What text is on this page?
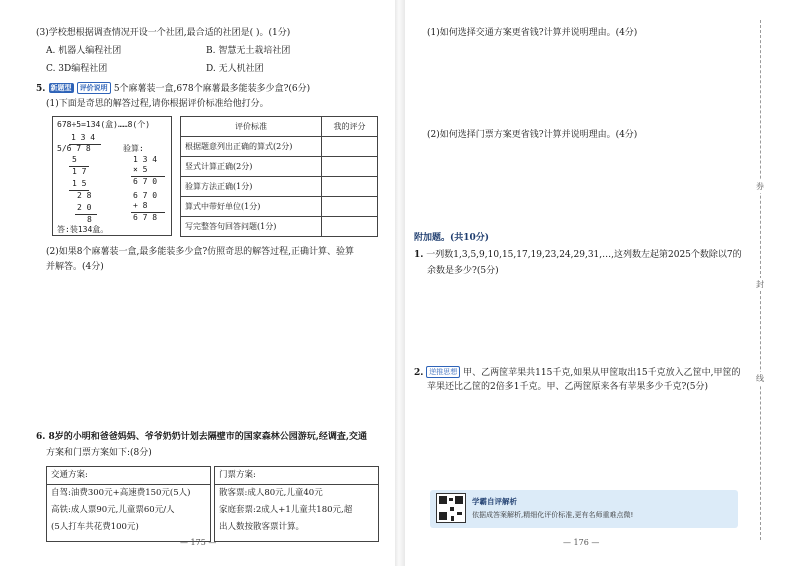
(3)学校想根据调查情况开设一个社团,最合适的社团是( )。(1分)
A. 机器人编程社团	B. 智慧无土栽培社团
C. 3D编程社团	D. 无人机社团
5. 新题型 评价说明 5个麻薯装一盒,678个麻薯最多能装多少盒?(6分)
(1)下面是奇思的解答过程,请你根据评价标准给他打分。
678÷5=134(盒)……8(个)
1 3 4
5/6 7 8	验算:
5
1 7
1 5
2 8
2 0
8
1 3 4
× 5
6 7 0
6 7 0
+ 8
6 7 8
答:装134盒。
评价标准	我的评分
根据题意列出正确的算式(2分)	
竖式计算正确(2分)	
验算方法正确(1分)	
算式中带好单位(1分)	
写完整答句回答问题(1分)	
(2)如果8个麻薯装一盒,最多能装多少盒?仿照奇思的解答过程,正确计算、验算
并解答。(4分)
6. 8岁的小明和爸爸妈妈、爷爷奶奶计划去隔壁市的国家森林公园游玩,经调查,交通
方案和门票方案如下:(8分)
交通方案:
自驾:油费300元+高速费150元(5人)
高铁:成人票90元,儿童票60元/人
(5人打车共花费100元)
门票方案:
散客票:成人80元,儿童40元
家庭套票:2成人+1儿童共180元,超
出人数按散客票计算。
— 175 —
(1)如何选择交通方案更省钱?计算并说明理由。(4分)
(2)如何选择门票方案更省钱?计算并说明理由。(4分)
附加题。(共10分)
1. 一列数1,3,5,9,10,15,17,19,23,24,29,31,…,这列数左起第2025个数除以7的
余数是多少?(5分)
2. 逆推思想 甲、乙两筐苹果共115千克,如果从甲筐取出15千克放入乙筐中,甲筐的
苹果还比乙筐的2倍多1千克。甲、乙两筐原来各有苹果多少千克?(5分)
— 176 —
学霸自评解析
依据成答案解析,精细化评价标准,更有名师重难点微!
券
封
线
